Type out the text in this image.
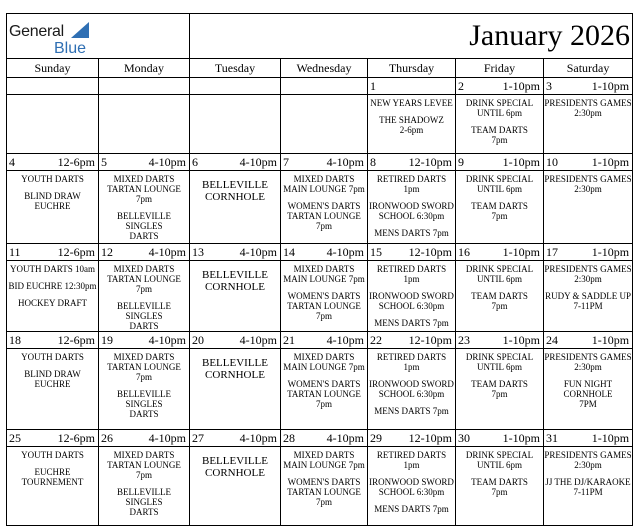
General
Blue		January 2026				
Sunday	Monday	Tuesday	Wednesday	Thursday	Friday	Saturday

				1	2 1-10pm	3 1-10pm

				NEW YEARS LEVEE

THE SHADOWZ
2-6pm	DRINK SPECIAL
UNTIL 6pm

TEAM DARTS
7pm	PRESIDENTS GAMES
2:30pm

4 12-6pm	5 4-10pm	6 4-10pm	7 4-10pm	8 12-10pm	9 1-10pm	10 1-10pm

YOUTH DARTS

BLIND DRAW
EUCHRE	MIXED DARTS
TARTAN LOUNGE 7pm

BELLEVILLE SINGLES
DARTS	BELLEVILLE
CORNHOLE	MIXED DARTS
MAIN LOUNGE 7pm

WOMEN'S DARTS
TARTAN LOUNGE 7pm	RETIRED DARTS 1pm

IRONWOOD SWORD
SCHOOL 6:30pm

MENS DARTS 7pm	DRINK SPECIAL
UNTIL 6pm

TEAM DARTS
7pm	PRESIDENTS GAMES
2:30pm

11 12-6pm	12 4-10pm	13 4-10pm	14 4-10pm	15 12-10pm	16 1-10pm	17 1-10pm

YOUTH DARTS 10am

BID EUCHRE 12:30pm

HOCKEY DRAFT	MIXED DARTS
TARTAN LOUNGE 7pm

BELLEVILLE SINGLES
DARTS	BELLEVILLE
CORNHOLE	MIXED DARTS
MAIN LOUNGE 7pm

WOMEN'S DARTS
TARTAN LOUNGE 7pm	RETIRED DARTS 1pm

IRONWOOD SWORD
SCHOOL 6:30pm

MENS DARTS 7pm	DRINK SPECIAL
UNTIL 6pm

TEAM DARTS
7pm	PRESIDENTS GAMES
2:30pm

RUDY & SADDLE UP
7-11PM

18 12-6pm	19 4-10pm	20 4-10pm	21 4-10pm	22 12-10pm	23 1-10pm	24 1-10pm

YOUTH DARTS

BLIND DRAW
EUCHRE	MIXED DARTS
TARTAN LOUNGE 7pm

BELLEVILLE SINGLES
DARTS	BELLEVILLE
CORNHOLE	MIXED DARTS
MAIN LOUNGE 7pm

WOMEN'S DARTS
TARTAN LOUNGE 7pm	RETIRED DARTS 1pm

IRONWOOD SWORD
SCHOOL 6:30pm

MENS DARTS 7pm	DRINK SPECIAL
UNTIL 6pm

TEAM DARTS
7pm	PRESIDENTS GAMES
2:30pm

FUN NIGHT
CORNHOLE
7PM

25 12-6pm	26 4-10pm	27 4-10pm	28 4-10pm	29 12-10pm	30 1-10pm	31 1-10pm

YOUTH DARTS

EUCHRE
TOURNEMENT	MIXED DARTS
TARTAN LOUNGE 7pm

BELLEVILLE SINGLES
DARTS	BELLEVILLE
CORNHOLE	MIXED DARTS
MAIN LOUNGE 7pm

WOMEN'S DARTS
TARTAN LOUNGE 7pm	RETIRED DARTS 1pm

IRONWOOD SWORD
SCHOOL 6:30pm

MENS DARTS 7pm	DRINK SPECIAL
UNTIL 6pm

TEAM DARTS
7pm	PRESIDENTS GAMES
2:30pm

JJ THE DJ/KARAOKE
7-11PM
